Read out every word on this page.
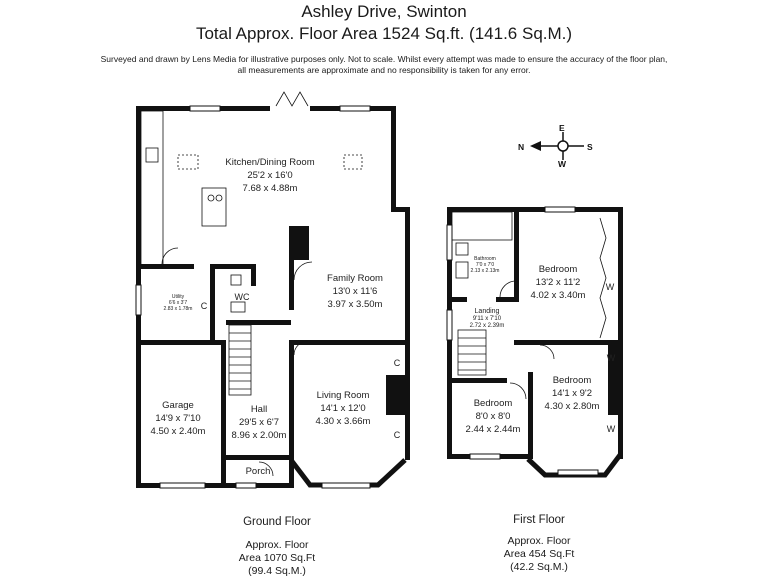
Ashley Drive, Swinton
Total Approx. Floor Area 1524 Sq.ft. (141.6 Sq.M.)
Surveyed and drawn by Lens Media for illustrative purposes only. Not to scale. Whilst every attempt was made to ensure the accuracy of the floor plan,
all measurements are approximate and no responsibility is taken for any error.
Kitchen/Dining Room
25'2 x 16'0
7.68 x 4.88m
Family Room
13'0 x 11'6
3.97 x 3.50m
Utility
6'6 x 3'7
2.83 x 1.78m C
WC
Garage
14'9 x 7'10
4.50 x 2.40m
Hall
29'5 x 6'7
8.96 x 2.00m
Living Room
14'1 x 12'0
4.30 x 3.66m
C
C
Porch
N
E
S
W
Bathroom
7'0 x 7'0
2.13 x 2.13m	Bedroom
13'2 x 11'2
4.02 x 3.40m
W
Landing
9'11 x 7'10
2.72 x 2.39m
Bedroom
8'0 x 8'0
2.44 x 2.44m
Bedroom
14'1 x 9'2
4.30 x 2.80m
W
W
Ground Floor
Approx. Floor
Area 1070 Sq.Ft
(99.4 Sq.M.)
First Floor
Approx. Floor
Area 454 Sq.Ft
(42.2 Sq.M.)
